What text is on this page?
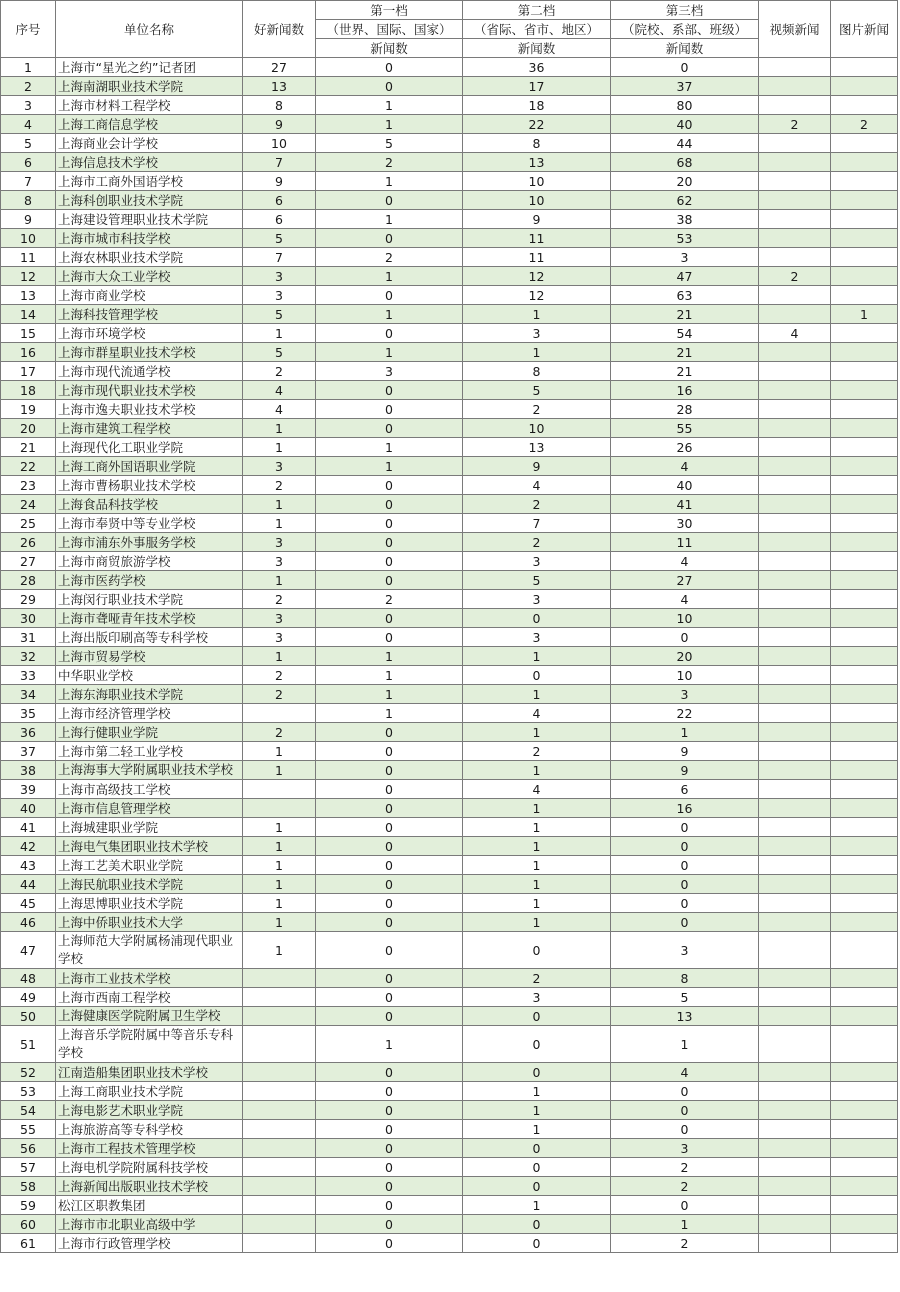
序号	单位名称	好新闻数	第一档	第二档	第三档	视频新闻	图片新闻
			（世界、国际、国家）	（省际、省市、地区）	（院校、系部、班级）		
			新闻数	新闻数	新闻数		
1	上海市“星光之约”记者团	27	0	36	0		
2	上海南湖职业技术学院	13	0	17	37		
3	上海市材料工程学校	8	1	18	80		
4	上海工商信息学校	9	1	22	40	2	2
5	上海商业会计学校	10	5	8	44		
6	上海信息技术学校	7	2	13	68		
7	上海市工商外国语学校	9	1	10	20		
8	上海科创职业技术学院	6	0	10	62		
9	上海建设管理职业技术学院	6	1	9	38		
10	上海市城市科技学校	5	0	11	53		
11	上海农林职业技术学院	7	2	11	3		
12	上海市大众工业学校	3	1	12	47	2	
13	上海市商业学校	3	0	12	63		
14	上海科技管理学校	5	1	1	21		1
15	上海市环境学校	1	0	3	54	4	
16	上海市群星职业技术学校	5	1	1	21		
17	上海市现代流通学校	2	3	8	21		
18	上海市现代职业技术学校	4	0	5	16		
19	上海市逸夫职业技术学校	4	0	2	28		
20	上海市建筑工程学校	1	0	10	55		
21	上海现代化工职业学院	1	1	13	26		
22	上海工商外国语职业学院	3	1	9	4		
23	上海市曹杨职业技术学校	2	0	4	40		
24	上海食品科技学校	1	0	2	41		
25	上海市奉贤中等专业学校	1	0	7	30		
26	上海市浦东外事服务学校	3	0	2	11		
27	上海市商贸旅游学校	3	0	3	4		
28	上海市医药学校	1	0	5	27		
29	上海闵行职业技术学院	2	2	3	4		
30	上海市聋哑青年技术学校	3	0	0	10		
31	上海出版印刷高等专科学校	3	0	3	0		
32	上海市贸易学校	1	1	1	20		
33	中华职业学校	2	1	0	10		
34	上海东海职业技术学院	2	1	1	3		
35	上海市经济管理学校		1	4	22		
36	上海行健职业学院	2	0	1	1		
37	上海市第二轻工业学校	1	0	2	9		
38	上海海事大学附属职业技术学校	1	0	1	9		
39	上海市高级技工学校		0	4	6		
40	上海市信息管理学校		0	1	16		
41	上海城建职业学院	1	0	1	0		
42	上海电气集团职业技术学校	1	0	1	0		
43	上海工艺美术职业学院	1	0	1	0		
44	上海民航职业技术学院	1	0	1	0		
45	上海思博职业技术学院	1	0	1	0		
46	上海中侨职业技术大学	1	0	1	0		
47	上海师范大学附属杨浦现代职业学校	1	0	0	3		
48	上海市工业技术学校		0	2	8		
49	上海市西南工程学校		0	3	5		
50	上海健康医学院附属卫生学校		0	0	13		
51	上海音乐学院附属中等音乐专科学校		1	0	1		
52	江南造船集团职业技术学校		0	0	4		
53	上海工商职业技术学院		0	1	0		
54	上海电影艺术职业学院		0	1	0		
55	上海旅游高等专科学校		0	1	0		
56	上海市工程技术管理学校		0	0	3		
57	上海电机学院附属科技学校		0	0	2		
58	上海新闻出版职业技术学校		0	0	2		
59	松江区职教集团		0	1	0		
60	上海市市北职业高级中学		0	0	1		
61	上海市行政管理学校		0	0	2		
